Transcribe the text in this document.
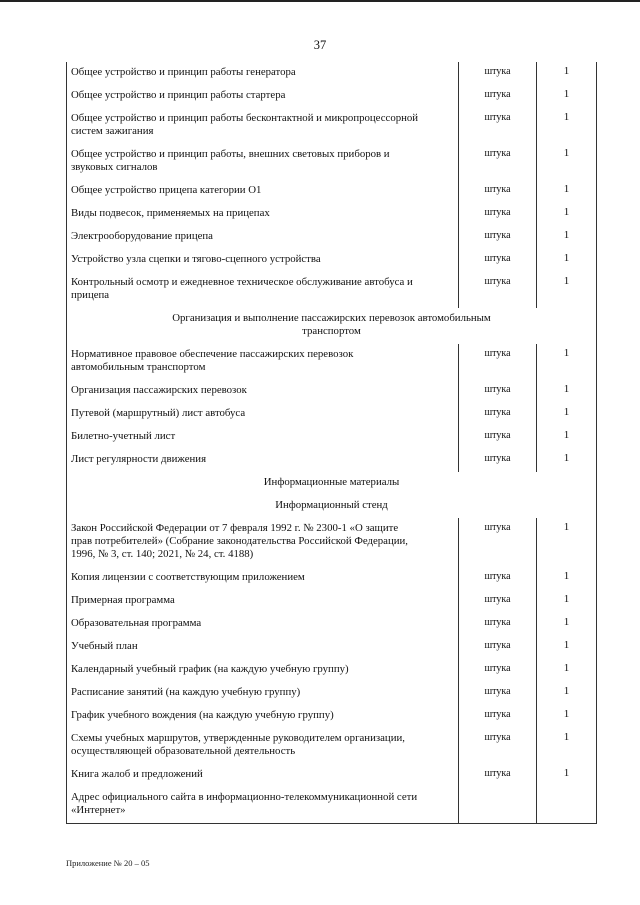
37
Общее устройство и принцип работы генератора	штука	1

Общее устройство и принцип работы стартера	штука	1

Общее устройство и принцип работы бесконтактной и микропроцессорной
систем зажигания	штука	1

Общее устройство и принцип работы, внешних световых приборов и
звуковых сигналов	штука	1

Общее устройство прицепа категории О1	штука	1

Виды подвесок, применяемых на прицепах	штука	1

Электрооборудование прицепа	штука	1

Устройство узла сцепки и тягово-сцепного устройства	штука	1

Контрольный осмотр и ежедневное техническое обслуживание автобуса и
прицепа	штука	1

Организация и выполнение пассажирских перевозок автомобильным
транспортом		

Нормативное правовое обеспечение пассажирских перевозок
автомобильным транспортом	штука	1

Организация пассажирских перевозок	штука	1

Путевой (маршрутный) лист автобуса	штука	1

Билетно-учетный лист	штука	1

Лист регулярности движения	штука	1

Информационные материалы		

Информационный стенд		

Закон Российской Федерации от 7 февраля 1992 г. № 2300-1 «О защите
прав потребителей» (Собрание законодательства Российской Федерации,
1996, № 3, ст. 140; 2021, № 24, ст. 4188)	штука	1

Копия лицензии с соответствующим приложением	штука	1

Примерная программа	штука	1

Образовательная программа	штука	1

Учебный план	штука	1

Календарный учебный график (на каждую учебную группу)	штука	1

Расписание занятий (на каждую учебную группу)	штука	1

График учебного вождения (на каждую учебную группу)	штука	1

Схемы учебных маршрутов, утвержденные руководителем организации,
осуществляющей образовательной деятельность	штука	1

Книга жалоб и предложений	штука	1

Адрес официального сайта в информационно-телекоммуникационной сети
«Интернет»		

Приложение № 20 – 05
